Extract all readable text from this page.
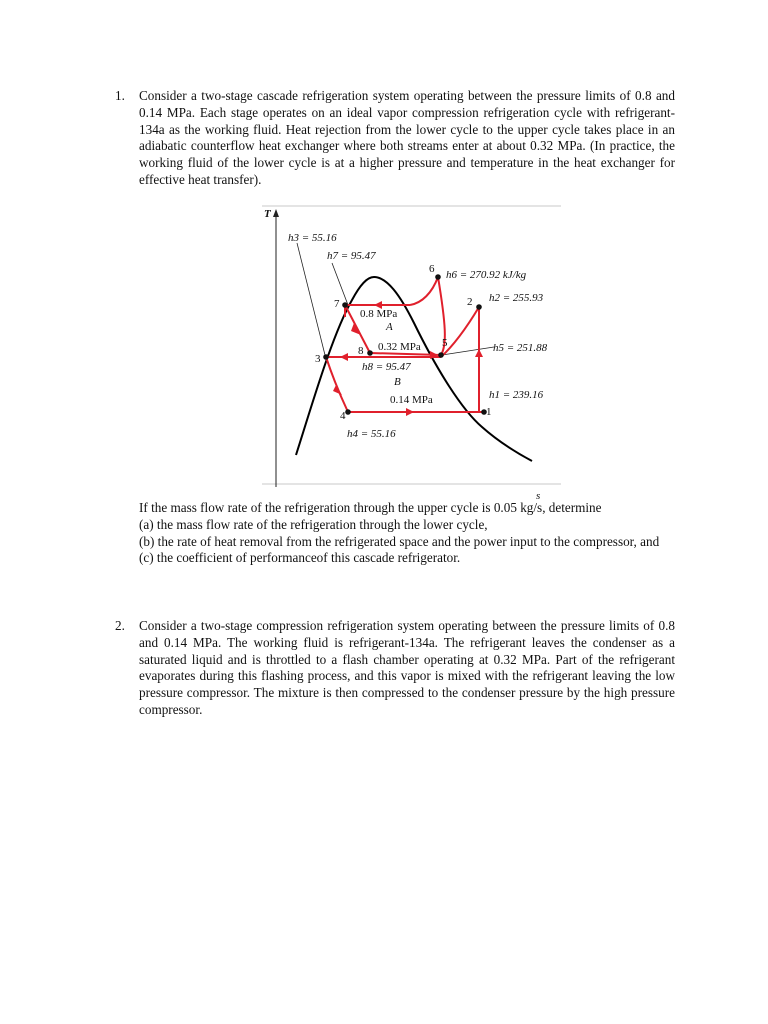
1. Consider a two-stage cascade refrigeration system operating between the pressure limits of 0.8 and 0.14 MPa. Each stage operates on an ideal vapor compression refrigeration cycle with refrigerant-134a as the working fluid. Heat rejection from the lower cycle to the upper cycle takes place in an adiabatic counterflow heat exchanger where both streams enter at about 0.32 MPa. (In practice, the working fluid of the lower cycle is at a higher pressure and temperature in the heat exchanger for effective heat transfer).
T
s
1
2
3
4
5
6
7
8
h3 = 55.16
h7 = 95.47
h6 = 270.92 kJ/kg
h2 = 255.93
h5 = 251.88
h8 = 95.47
h1 = 239.16
h4 = 55.16
0.8 MPa
A
0.32 MPa
B
0.14 MPa

If the mass flow rate of the refrigeration through the upper cycle is 0.05 kg/s, determine

(a) the mass flow rate of the refrigeration through the lower cycle,

(b) the rate of heat removal from the refrigerated space and the power input to the compressor, and

(c) the coefficient of performanceof this cascade refrigerator.

2. Consider a two-stage compression refrigeration system operating between the pressure limits of 0.8 and 0.14 MPa. The working fluid is refrigerant-134a. The refrigerant leaves the condenser as a saturated liquid and is throttled to a flash chamber operating at 0.32 MPa. Part of the refrigerant evaporates during this flashing process, and this vapor is mixed with the refrigerant leaving the low pressure compressor. The mixture is then compressed to the condenser pressure by the high pressure compressor.
